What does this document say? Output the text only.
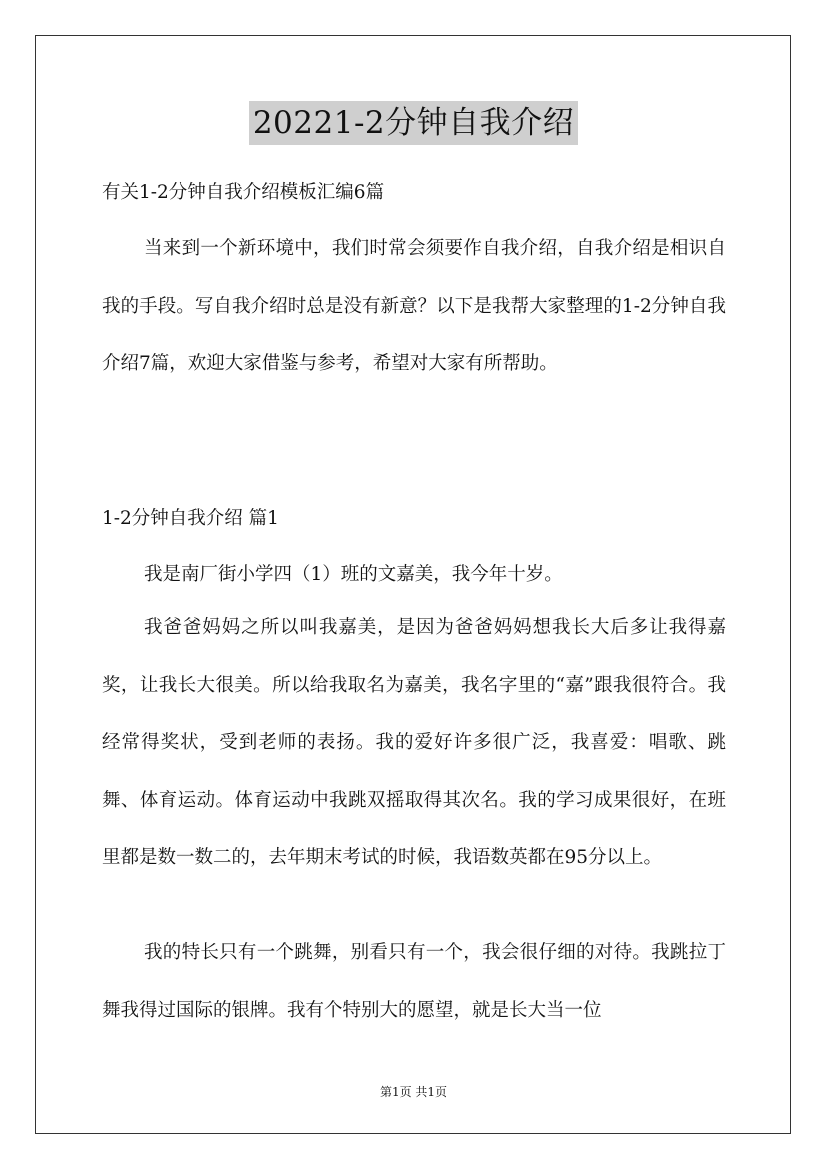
20221-2分钟自我介绍

有关1-2分钟自我介绍模板汇编6篇

当来到一个新环境中，我们时常会须要作自我介绍，自我介绍是相识自我的手段。写自我介绍时总是没有新意？以下是我帮大家整理的1-2分钟自我介绍7篇，欢迎大家借鉴与参考，希望对大家有所帮助。

1-2分钟自我介绍 篇1

我是南厂街小学四（1）班的文嘉美，我今年十岁。

我爸爸妈妈之所以叫我嘉美，是因为爸爸妈妈想我长大后多让我得嘉奖，让我长大很美。所以给我取名为嘉美，我名字里的“嘉”跟我很符合。我经常得奖状，受到老师的表扬。我的爱好许多很广泛，我喜爱：唱歌、跳舞、体育运动。体育运动中我跳双摇取得其次名。我的学习成果很好，在班里都是数一数二的，去年期末考试的时候，我语数英都在95分以上。

我的特长只有一个跳舞，别看只有一个，我会很仔细的对待。我跳拉丁舞我得过国际的银牌。我有个特别大的愿望，就是长大当一位

第1页 共1页
